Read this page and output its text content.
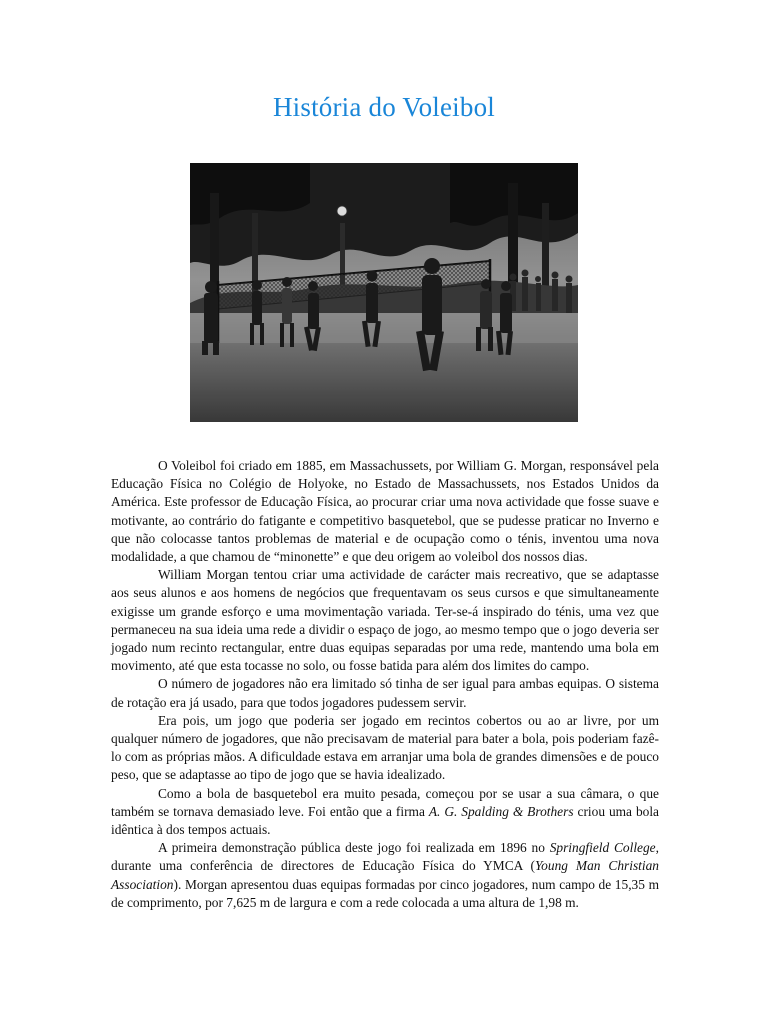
História do Voleibol

O Voleibol foi criado em 1885, em Massachussets, por William G. Morgan, responsável pela Educação Física no Colégio de Holyoke, no Estado de Massachussets, nos Estados Unidos da América. Este professor de Educação Física, ao procurar criar uma nova actividade que fosse suave e motivante, ao contrário do fatigante e competitivo basquetebol, que se pudesse praticar no Inverno e que não colocasse tantos problemas de material e de ocupação como o ténis, inventou uma nova modalidade, a que chamou de “minonette” e que deu origem ao voleibol dos nossos dias.

William Morgan tentou criar uma actividade de carácter mais recreativo, que se adaptasse aos seus alunos e aos homens de negócios que frequentavam os seus cursos e que simultaneamente exigisse um grande esforço e uma movimentação variada. Ter-se-á inspirado do ténis, uma vez que permaneceu na sua ideia uma rede a dividir o espaço de jogo, ao mesmo tempo que o jogo deveria ser jogado num recinto rectangular, entre duas equipas separadas por uma rede, mantendo uma bola em movimento, até que esta tocasse no solo, ou fosse batida para além dos limites do campo.

O número de jogadores não era limitado só tinha de ser igual para ambas equipas. O sistema de rotação era já usado, para que todos jogadores pudessem servir.

Era pois, um jogo que poderia ser jogado em recintos cobertos ou ao ar livre, por um qualquer número de jogadores, que não precisavam de material para bater a bola, pois poderiam fazê-lo com as próprias mãos. A dificuldade estava em arranjar uma bola de grandes dimensões e de pouco peso, que se adaptasse ao tipo de jogo que se havia idealizado.

Como a bola de basquetebol era muito pesada, começou por se usar a sua câmara, o que também se tornava demasiado leve. Foi então que a firma A. G. Spalding & Brothers criou uma bola idêntica à dos tempos actuais.

A primeira demonstração pública deste jogo foi realizada em 1896 no Springfield College, durante uma conferência de directores de Educação Física do YMCA (Young Man Christian Association). Morgan apresentou duas equipas formadas por cinco jogadores, num campo de 15,35 m de comprimento, por 7,625 m de largura e com a rede colocada a uma altura de 1,98 m.
